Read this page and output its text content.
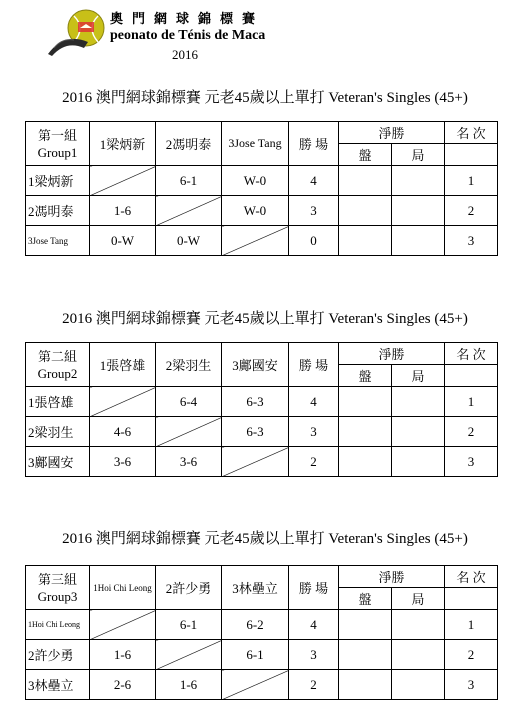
奧門網球錦標賽
peonato de Ténis de Maca
2016
2016 澳門網球錦標賽 元老45歲以上單打 Veteran's Singles (45+)
第一組
Group1	1梁炳新	2馮明泰	3Jose Tang	勝 場	淨勝		名 次
					盤	局	
1梁炳新		6-1	W-0	4			1
2馮明泰	1-6		W-0	3			2
3Jose Tang	0-W	0-W		0			3
2016 澳門網球錦標賽 元老45歲以上單打 Veteran's Singles (45+)
第二組
Group2	1張啓雄	2梁羽生	3鄺國安	勝 場	淨勝		名 次
					盤	局	
1張啓雄		6-4	6-3	4			1
2梁羽生	4-6		6-3	3			2
3鄺國安	3-6	3-6		2			3
2016 澳門網球錦標賽 元老45歲以上單打 Veteran's Singles (45+)
第三組
Group3	1Hoi Chi Leong	2許少勇	3林壘立	勝 場	淨勝		名 次
					盤	局	
1Hoi Chi Leong		6-1	6-2	4			1
2許少勇	1-6		6-1	3			2
3林壘立	2-6	1-6		2			3
